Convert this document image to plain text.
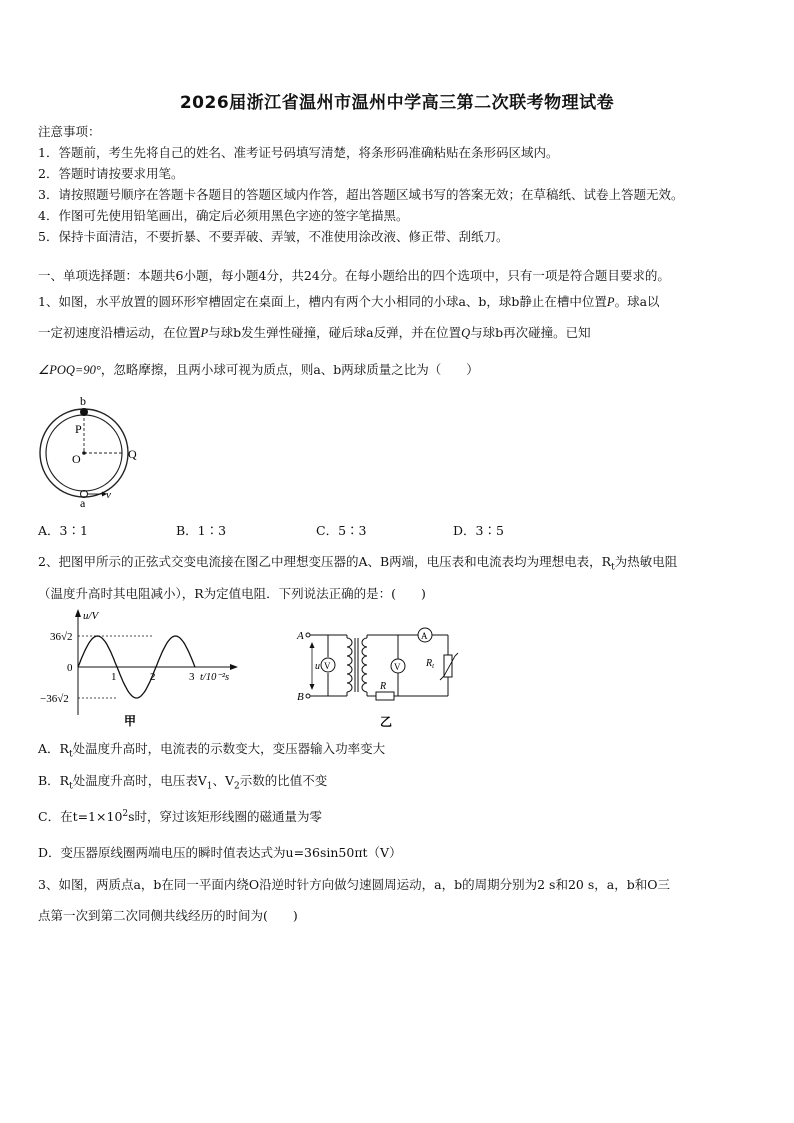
2026届浙江省温州市温州中学高三第二次联考物理试卷
注意事项：
1．答题前，考生先将自己的姓名、准考证号码填写清楚，将条形码准确粘贴在条形码区域内。
2．答题时请按要求用笔。
3．请按照题号顺序在答题卡各题目的答题区域内作答，超出答题区域书写的答案无效；在草稿纸、试卷上答题无效。
4．作图可先使用铅笔画出，确定后必须用黑色字迹的签字笔描黑。
5．保持卡面清洁，不要折暴、不要弄破、弄皱，不准使用涂改液、修正带、刮纸刀。
一、单项选择题：本题共6小题，每小题4分，共24分。在每小题给出的四个选项中，只有一项是符合题目要求的。
1、如图，水平放置的圆环形窄槽固定在桌面上，槽内有两个大小相同的小球a、b，球b静止在槽中位置P。球a以
一定初速度沿槽运动，在位置P与球b发生弹性碰撞，碰后球a反弹，并在位置Q与球b再次碰撞。已知
∠POQ=90°，忽略摩擦，且两小球可视为质点，则a、b两球质量之比为（　　）
b
P
O	Q
a
v
A．3∶1	B．1∶3	C．5∶3	D．3∶5
2、把图甲所示的正弦式交变电流接在图乙中理想变压器的A、B两端，电压表和电流表均为理想电表，$R_t$为热敏电阻
（温度升高时其电阻减小），R为定值电阻．下列说法正确的是：(　　)
u/V
36√2
0
−36√2
1	2	3 t/10⁻²s
甲
V
A
V
A
B
u
R
$R_t$
乙
A．$R_t$处温度升高时，电流表的示数变大，变压器输入功率变大
B．$R_t$处温度升高时，电压表$V_1$、$V_2$示数的比值不变
C．在$t=1\times 10^2s$时，穿过该矩形线圈的磁通量为零
D．变压器原线圈两端电压的瞬时值表达式为u=36sin50πt（V）
3、如图，两质点a，b在同一平面内绕O沿逆时针方向做匀速圆周运动，a，b的周期分别为2 s和20 s，a，b和O三
点第一次到第二次同侧共线经历的时间为(　　)
